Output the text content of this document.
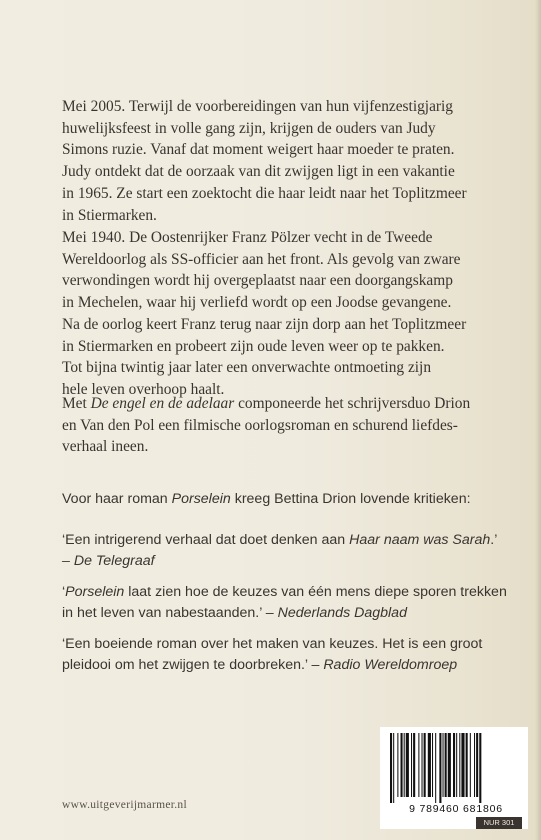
Mei 2005. Terwijl de voorbereidingen van hun vijfenzestigjarig
huwelijksfeest in volle gang zijn, krijgen de ouders van Judy
Simons ruzie. Vanaf dat moment weigert haar moeder te praten.
Judy ontdekt dat de oorzaak van dit zwijgen ligt in een vakantie
in 1965. Ze start een zoektocht die haar leidt naar het Toplitzmeer
in Stiermarken.
Mei 1940. De Oostenrijker Franz Pölzer vecht in de Tweede
Wereldoorlog als SS-officier aan het front. Als gevolg van zware
verwondingen wordt hij overgeplaatst naar een doorgangskamp
in Mechelen, waar hij verliefd wordt op een Joodse gevangene.
Na de oorlog keert Franz terug naar zijn dorp aan het Toplitzmeer
in Stiermarken en probeert zijn oude leven weer op te pakken.
Tot bijna twintig jaar later een onverwachte ontmoeting zijn
hele leven overhoop haalt.
Met De engel en de adelaar componeerde het schrijversduo Drion
en Van den Pol een filmische oorlogsroman en schurend liefdes-
verhaal ineen.
Voor haar roman Porselein kreeg Bettina Drion lovende kritieken:
‘Een intrigerend verhaal dat doet denken aan Haar naam was Sarah.’
– De Telegraaf
‘Porselein laat zien hoe de keuzes van één mens diepe sporen trekken
in het leven van nabestaanden.’ – Nederlands Dagblad
‘Een boeiende roman over het maken van keuzes. Het is een groot
pleidooi om het zwijgen te doorbreken.’ – Radio Wereldomroep
www.uitgeverijmarmer.nl	9 789460 681806
NUR 301
